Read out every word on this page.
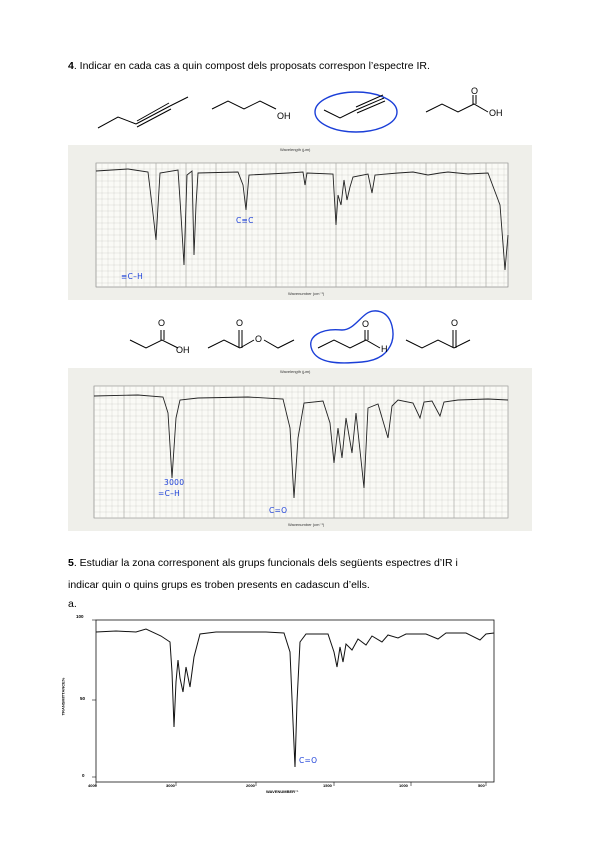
4. Indicar en cada cas a quin compost dels proposats correspon l’espectre IR.
OH
O
OH
Wavelength (μm)
Wavenumber (cm⁻¹)
C≡C
≡C–H
O
OH
O
O
O
H
O
Wavelength (μm)
Wavenumber (cm⁻¹)
3000
=C–H
C=O
5. Estudiar la zona corresponent als grups funcionals dels següents espectres d’IR i
indicar quin o quins grups es troben presents en cadascun d’ells.
a.
100
50
0
TRANSMITTANCE%
4000	3000	2000	1500	1000	500
WAVENUMBER⁻¹
C=O
